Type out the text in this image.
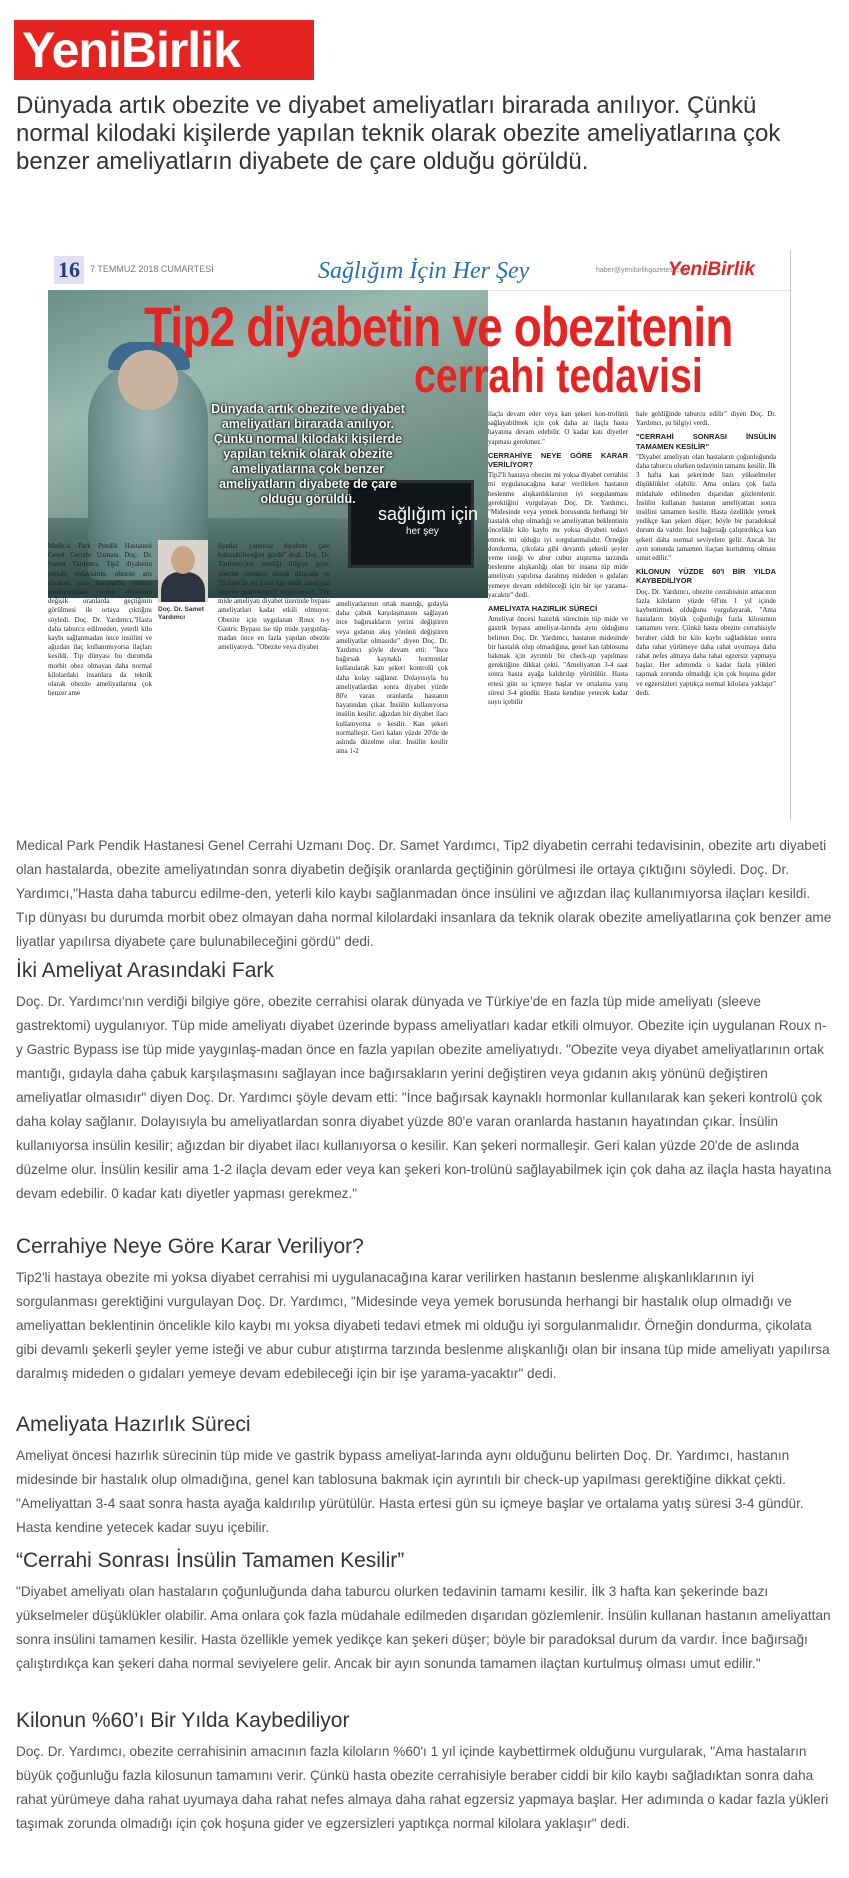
YeniBirlik
Dünyada artık obezite ve diyabet ameliyatları birarada anılıyor. Çünkü normal kilodaki kişilerde yapılan teknik olarak obezite ameliyatlarına çok benzer ameliyatların diyabete de çare olduğu görüldü.
16	7 TEMMUZ 2018 CUMARTESİ	Sağlığım İçin Her Şey	haber@yenibirlikgazetesi.com
YeniBirlik
sağlığım için
her şey
Dünyada artık obezite ve diyabet ameliyatları birarada anılıyor. Çünkü normal kilodaki kişilerde yapılan teknik olarak obezite ameliyatlarına çok benzer ameliyatların diyabete de çare olduğu görüldü.
Tip2 diyabetin ve obezitenin
cerrahi tedavisi
Medical Park Pendik Hastanesi Genel Cerrahi Uzmanı Doç. Dr. Samet Yardımcı, Tip2 diyabetin cerrahi tedavisinin, obezite artı diyabeti olan hastalarda, obezite ameliyatından sonra diyabetin değişik oranlarda geçtiğinin görülmesi ile ortaya çıktığını söyledi. Doç. Dr. Yardımcı,"Hasta daha taburcu edilmeden, yeterli kilo kaybı sağlanmadan önce insülini ve ağızdan ilaç kullanımıyorsa ilaçları kesildi. Tıp dünyası bu durumda morbit obez olmayan daha normal kilolardaki insanlara da teknik olarak obezite ameliyatlarına çok benzer ame
Doç. Dr. Samet Yardımcı
liyatlar yapılırsa diyabete çare bulunabileceğini gördü" dedi. Doç. Dr. Yardımcı'nın verdiği bilgiye göre, obezite cerrahisi olarak dünyada ve Türkiye'de en fazla tüp mide ameliyatı (sleeve gastrektomi) uygulanıyor. Tüp mide ameliyatı diyabet üzerinde bypass ameliyatları kadar etkili olmuyor. Obezite için uygulanan Roux n-y Gastric Bypass ise tüp mide yaygınlaş-madan önce en fazla yapılan obezite ameliyatıydı. "Obezite veya diyabet
ameliyatlarının ortak mantığı, gıdayla daha çabuk karşılaşmasını sağlayan ince bağırsakların yerini değiştiren veya gıdanın akış yönünü değiştiren ameliyatlar olmasıdır" diyen Doç. Dr. Yardımcı şöyle devam etti: "İnce bağırsak kaynaklı hormonlar kullanılarak kan şekeri kontrolü çok daha kolay sağlanır. Dolayısıyla bu ameliyatlardan sonra diyabet yüzde 80'e varan oranlarda hastanın hayatından çıkar. İnsülin kullanıyorsa insülin kesilir; ağızdan bir diyabet ilacı kullanıyorsa o kesilir. Kan şekeri normalleşir. Geri kalan yüzde 20'de de aslında düzelme olur. İnsülin kesilir ama 1-2
ilaçla devam eder veya kan şekeri kon-trolünü sağlayabilmek için çok daha az ilaçla hasta hayatına devam edebilir. O kadar katı diyetler yapması gerekmez."
CERRAHİYE NEYE GÖRE KARAR VERİLİYOR?
Tip2'li hastaya obezite mi yoksa diyabet cerrahisi mi uygulanacağına karar verilirken hastanın beslenme alışkanlıklarının iyi sorgulanması gerektiğini vurgulayan Doç. Dr. Yardımcı, "Midesinde veya yemek borusunda herhangi bir hastalık olup olmadığı ve ameliyattan beklentinin öncelikle kilo kaybı mı yoksa diyabeti tedavi etmek mi olduğu iyi sorgulanmalıdır. Örneğin dondurma, çikolata gibi devamlı şekerli şeyler yeme isteği ve abur cubur atıştırma tarzında beslenme alışkanlığı olan bir insana tüp mide ameliyatı yapılırsa daralmış mideden o gıdaları yemeye devam edebileceği için bir işe yarama-yacaktır" dedi.
AMELİYATA HAZIRLIK SÜRECİ
Ameliyat öncesi hazırlık sürecinin tüp mide ve gastrik bypass ameliyat-larında aynı olduğunu belirten Doç. Dr. Yardımcı, hastanın midesinde bir hastalık olup olmadığına, genel kan tablosuna bakmak için ayrıntılı bir check-up yapılması gerektiğine dikkat çekti. "Ameliyattan 3-4 saat sonra hasta ayağa kaldırılıp yürütülür. Hasta ertesi gün su içmeye başlar ve ortalama yatış süresi 3-4 gündür. Hasta kendine yetecek kadar suyu içebilir
hale geldiğinde taburcu edilir" diyen Doç. Dr. Yardımcı, şu bilgiyi verdi.
"CERRAHİ SONRASI İNSÜLİN TAMAMEN KESİLİR"
"Diyabet ameliyatı olan hastaların çoğunluğunda daha taburcu olurken tedavinin tamamı kesilir. İlk 3 hafta kan şekerinde bazı yükselmeler düşüklükler olabilir. Ama onlara çok fazla müdahale edilmeden dışarıdan gözlemlenir. İnsülin kullanan hastanın ameliyattan sonra insülini tamamen kesilir. Hasta özellikle yemek yedikçe kan şekeri düşer; böyle bir paradoksal durum da vardır. İnce bağırsağı çalıştırdıkça kan şekeri daha normal seviyelere gelir. Ancak bir ayın sonunda tamamen ilaçtan kurtulmuş olması umut edilir."
KİLONUN YÜZDE 60'I BİR YILDA KAYBEDİLİYOR
Doç. Dr. Yardımcı, obezite cerrahisinin amacının fazla kiloların yüzde 60'ını 1 yıl içinde kaybettirmek olduğunu vurgulayarak, "Ama hastaların büyük çoğunluğu fazla kilosunun tamamını verir. Çünkü hasta obezite cerrahisiyle beraber ciddi bir kilo kaybı sağladıktan sonra daha rahat yürümeye daha rahat uyumaya daha rahat nefes almaya daha rahat egzersiz yapmaya başlar. Her adımında o kadar fazla yükleri taşımak zorunda olmadığı için çok hoşuna gider ve egzersizleri yaptıkça normal kilolara yaklaşır" dedi.

Medical Park Pendik Hastanesi Genel Cerrahi Uzmanı Doç. Dr. Samet Yardımcı, Tip2 diyabetin cerrahi tedavisinin, obezite artı diyabeti olan hastalarda, obezite ameliyatından sonra diyabetin değişik oranlarda geçtiğinin görülmesi ile ortaya çıktığını söyledi. Doç. Dr. Yardımcı,"Hasta daha taburcu edilme-den, yeterli kilo kaybı sağlanmadan önce insülini ve ağızdan ilaç kullanımıyorsa ilaçları kesildi. Tıp dünyası bu durumda morbit obez olmayan daha normal kilolardaki insanlara da teknik olarak obezite ameliyatlarına çok benzer ame liyatlar yapılırsa diyabete çare bulunabileceğini gördü" dedi.

İki Ameliyat Arasındaki Fark

Doç. Dr. Yardımcı'nın verdiği bilgiye göre, obezite cerrahisi olarak dünyada ve Türkiye'de en fazla tüp mide ameliyatı (sleeve gastrektomi) uygulanıyor. Tüp mide ameliyatı diyabet üzerinde bypass ameliyatları kadar etkili olmuyor. Obezite için uygulanan Roux n-y Gastric Bypass ise tüp mide yaygınlaş-madan önce en fazla yapılan obezite ameliyatıydı. "Obezite veya diyabet ameliyatlarının ortak mantığı, gıdayla daha çabuk karşılaşmasını sağlayan ince bağırsakların yerini değiştiren veya gıdanın akış yönünü değiştiren ameliyatlar olmasıdır" diyen Doç. Dr. Yardımcı şöyle devam etti: "İnce bağırsak kaynaklı hormonlar kullanılarak kan şekeri kontrolü çok daha kolay sağlanır. Dolayısıyla bu ameliyatlardan sonra diyabet yüzde 80'e varan oranlarda hastanın hayatından çıkar. İnsülin kullanıyorsa insülin kesilir; ağızdan bir diyabet ilacı kullanıyorsa o kesilir. Kan şekeri normalleşir. Geri kalan yüzde 20'de de aslında düzelme olur. İnsülin kesilir ama 1-2 ilaçla devam eder veya kan şekeri kon-trolünü sağlayabilmek için çok daha az ilaçla hasta hayatına devam edebilir. 0 kadar katı diyetler yapması gerekmez."

Cerrahiye Neye Göre Karar Veriliyor?

Tip2'li hastaya obezite mi yoksa diyabet cerrahisi mi uygulanacağına karar verilirken hastanın beslenme alışkanlıklarının iyi sorgulanması gerektiğini vurgulayan Doç. Dr. Yardımcı, "Midesinde veya yemek borusunda herhangi bir hastalık olup olmadığı ve ameliyattan beklentinin öncelikle kilo kaybı mı yoksa diyabeti tedavi etmek mi olduğu iyi sorgulanmalıdır. Örneğin dondurma, çikolata gibi devamlı şekerli şeyler yeme isteği ve abur cubur atıştırma tarzında beslenme alışkanlığı olan bir insana tüp mide ameliyatı yapılırsa daralmış mideden o gıdaları yemeye devam edebileceği için bir işe yarama-yacaktır" dedi.

Ameliyata Hazırlık Süreci

Ameliyat öncesi hazırlık sürecinin tüp mide ve gastrik bypass ameliyat-larında aynı olduğunu belirten Doç. Dr. Yardımcı, hastanın midesinde bir hastalık olup olmadığına, genel kan tablosuna bakmak için ayrıntılı bir check-up yapılması gerektiğine dikkat çekti. "Ameliyattan 3-4 saat sonra hasta ayağa kaldırılıp yürütülür. Hasta ertesi gün su içmeye başlar ve ortalama yatış süresi 3-4 gündür. Hasta kendine yetecek kadar suyu içebilir.

“Cerrahi Sonrası İnsülin Tamamen Kesilir”

"Diyabet ameliyatı olan hastaların çoğunluğunda daha taburcu olurken tedavinin tamamı kesilir. İlk 3 hafta kan şekerinde bazı yükselmeler düşüklükler olabilir. Ama onlara çok fazla müdahale edilmeden dışarıdan gözlemlenir. İnsülin kullanan hastanın ameliyattan sonra insülini tamamen kesilir. Hasta özellikle yemek yedikçe kan şekeri düşer; böyle bir paradoksal durum da vardır. İnce bağırsağı çalıştırdıkça kan şekeri daha normal seviyelere gelir. Ancak bir ayın sonunda tamamen ilaçtan kurtulmuş olması umut edilir."

Kilonun %60’ı Bir Yılda Kaybediliyor

Doç. Dr. Yardımcı, obezite cerrahisinin amacının fazla kiloların %60'ı 1 yıl içinde kaybettirmek olduğunu vurgularak, "Ama hastaların büyük çoğunluğu fazla kilosunun tamamını verir. Çünkü hasta obezite cerrahisiyle beraber ciddi bir kilo kaybı sağladıktan sonra daha rahat yürümeye daha rahat uyumaya daha rahat nefes almaya daha rahat egzersiz yapmaya başlar. Her adımında o kadar fazla yükleri taşımak zorunda olmadığı için çok hoşuna gider ve egzersizleri yaptıkça normal kilolara yaklaşır" dedi.
